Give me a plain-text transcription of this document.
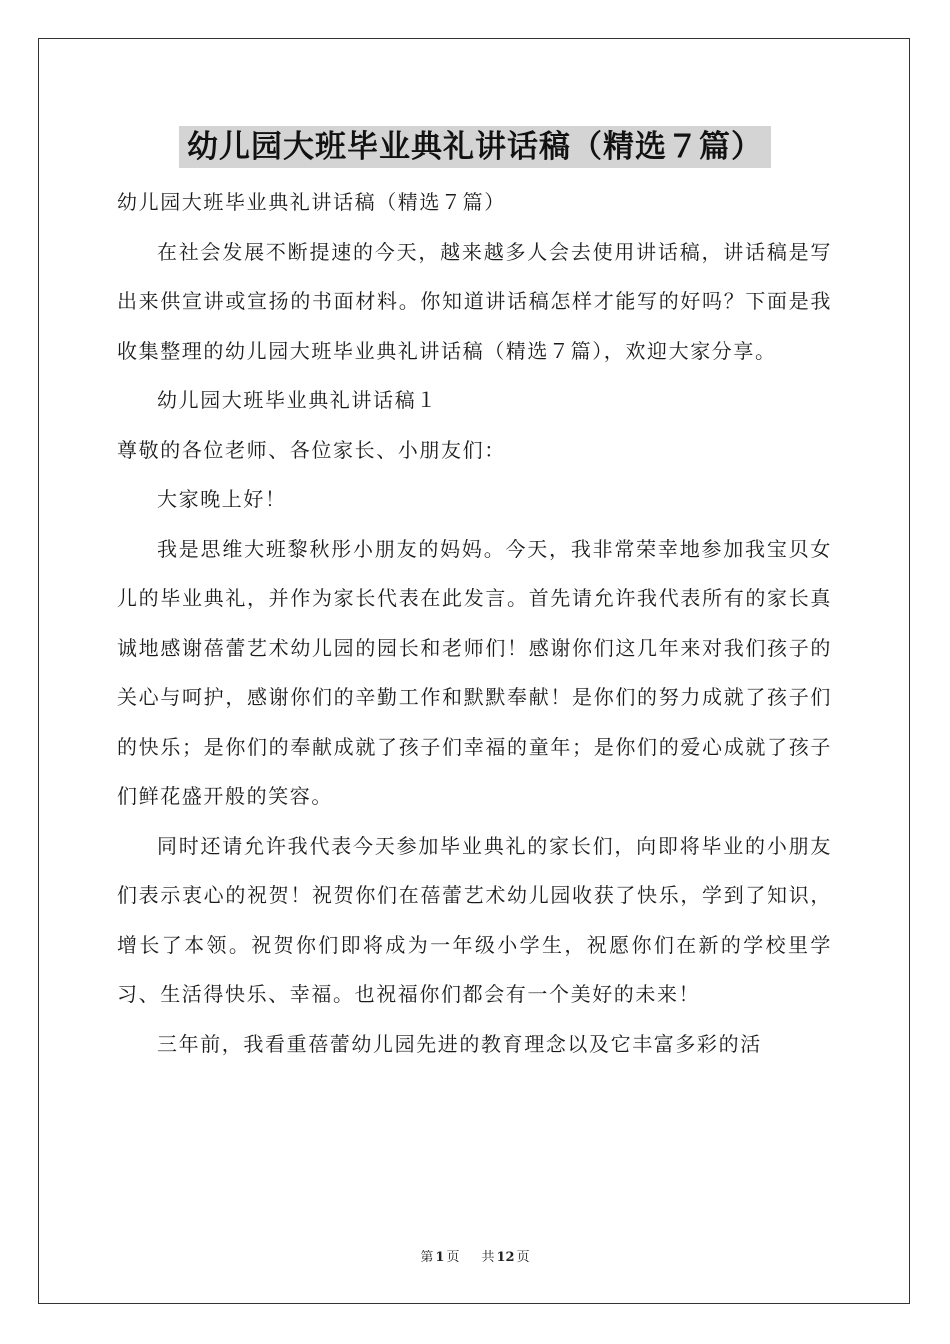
幼儿园大班毕业典礼讲话稿（精选７篇）

幼儿园大班毕业典礼讲话稿（精选７篇）

在社会发展不断提速的今天，越来越多人会去使用讲话稿，讲话稿是写出来供宣讲或宣扬的书面材料。你知道讲话稿怎样才能写的好吗？下面是我收集整理的幼儿园大班毕业典礼讲话稿（精选７篇），欢迎大家分享。

幼儿园大班毕业典礼讲话稿１

尊敬的各位老师、各位家长、小朋友们：

大家晚上好！

我是思维大班黎秋彤小朋友的妈妈。今天，我非常荣幸地参加我宝贝女儿的毕业典礼，并作为家长代表在此发言。首先请允许我代表所有的家长真诚地感谢蓓蕾艺术幼儿园的园长和老师们！感谢你们这几年来对我们孩子的关心与呵护，感谢你们的辛勤工作和默默奉献！是你们的努力成就了孩子们的快乐；是你们的奉献成就了孩子们幸福的童年；是你们的爱心成就了孩子们鲜花盛开般的笑容。

同时还请允许我代表今天参加毕业典礼的家长们，向即将毕业的小朋友们表示衷心的祝贺！祝贺你们在蓓蕾艺术幼儿园收获了快乐，学到了知识，增长了本领。祝贺你们即将成为一年级小学生，祝愿你们在新的学校里学习、生活得快乐、幸福。也祝福你们都会有一个美好的未来！

三年前，我看重蓓蕾幼儿园先进的教育理念以及它丰富多彩的活

第 1 页 共 12 页
